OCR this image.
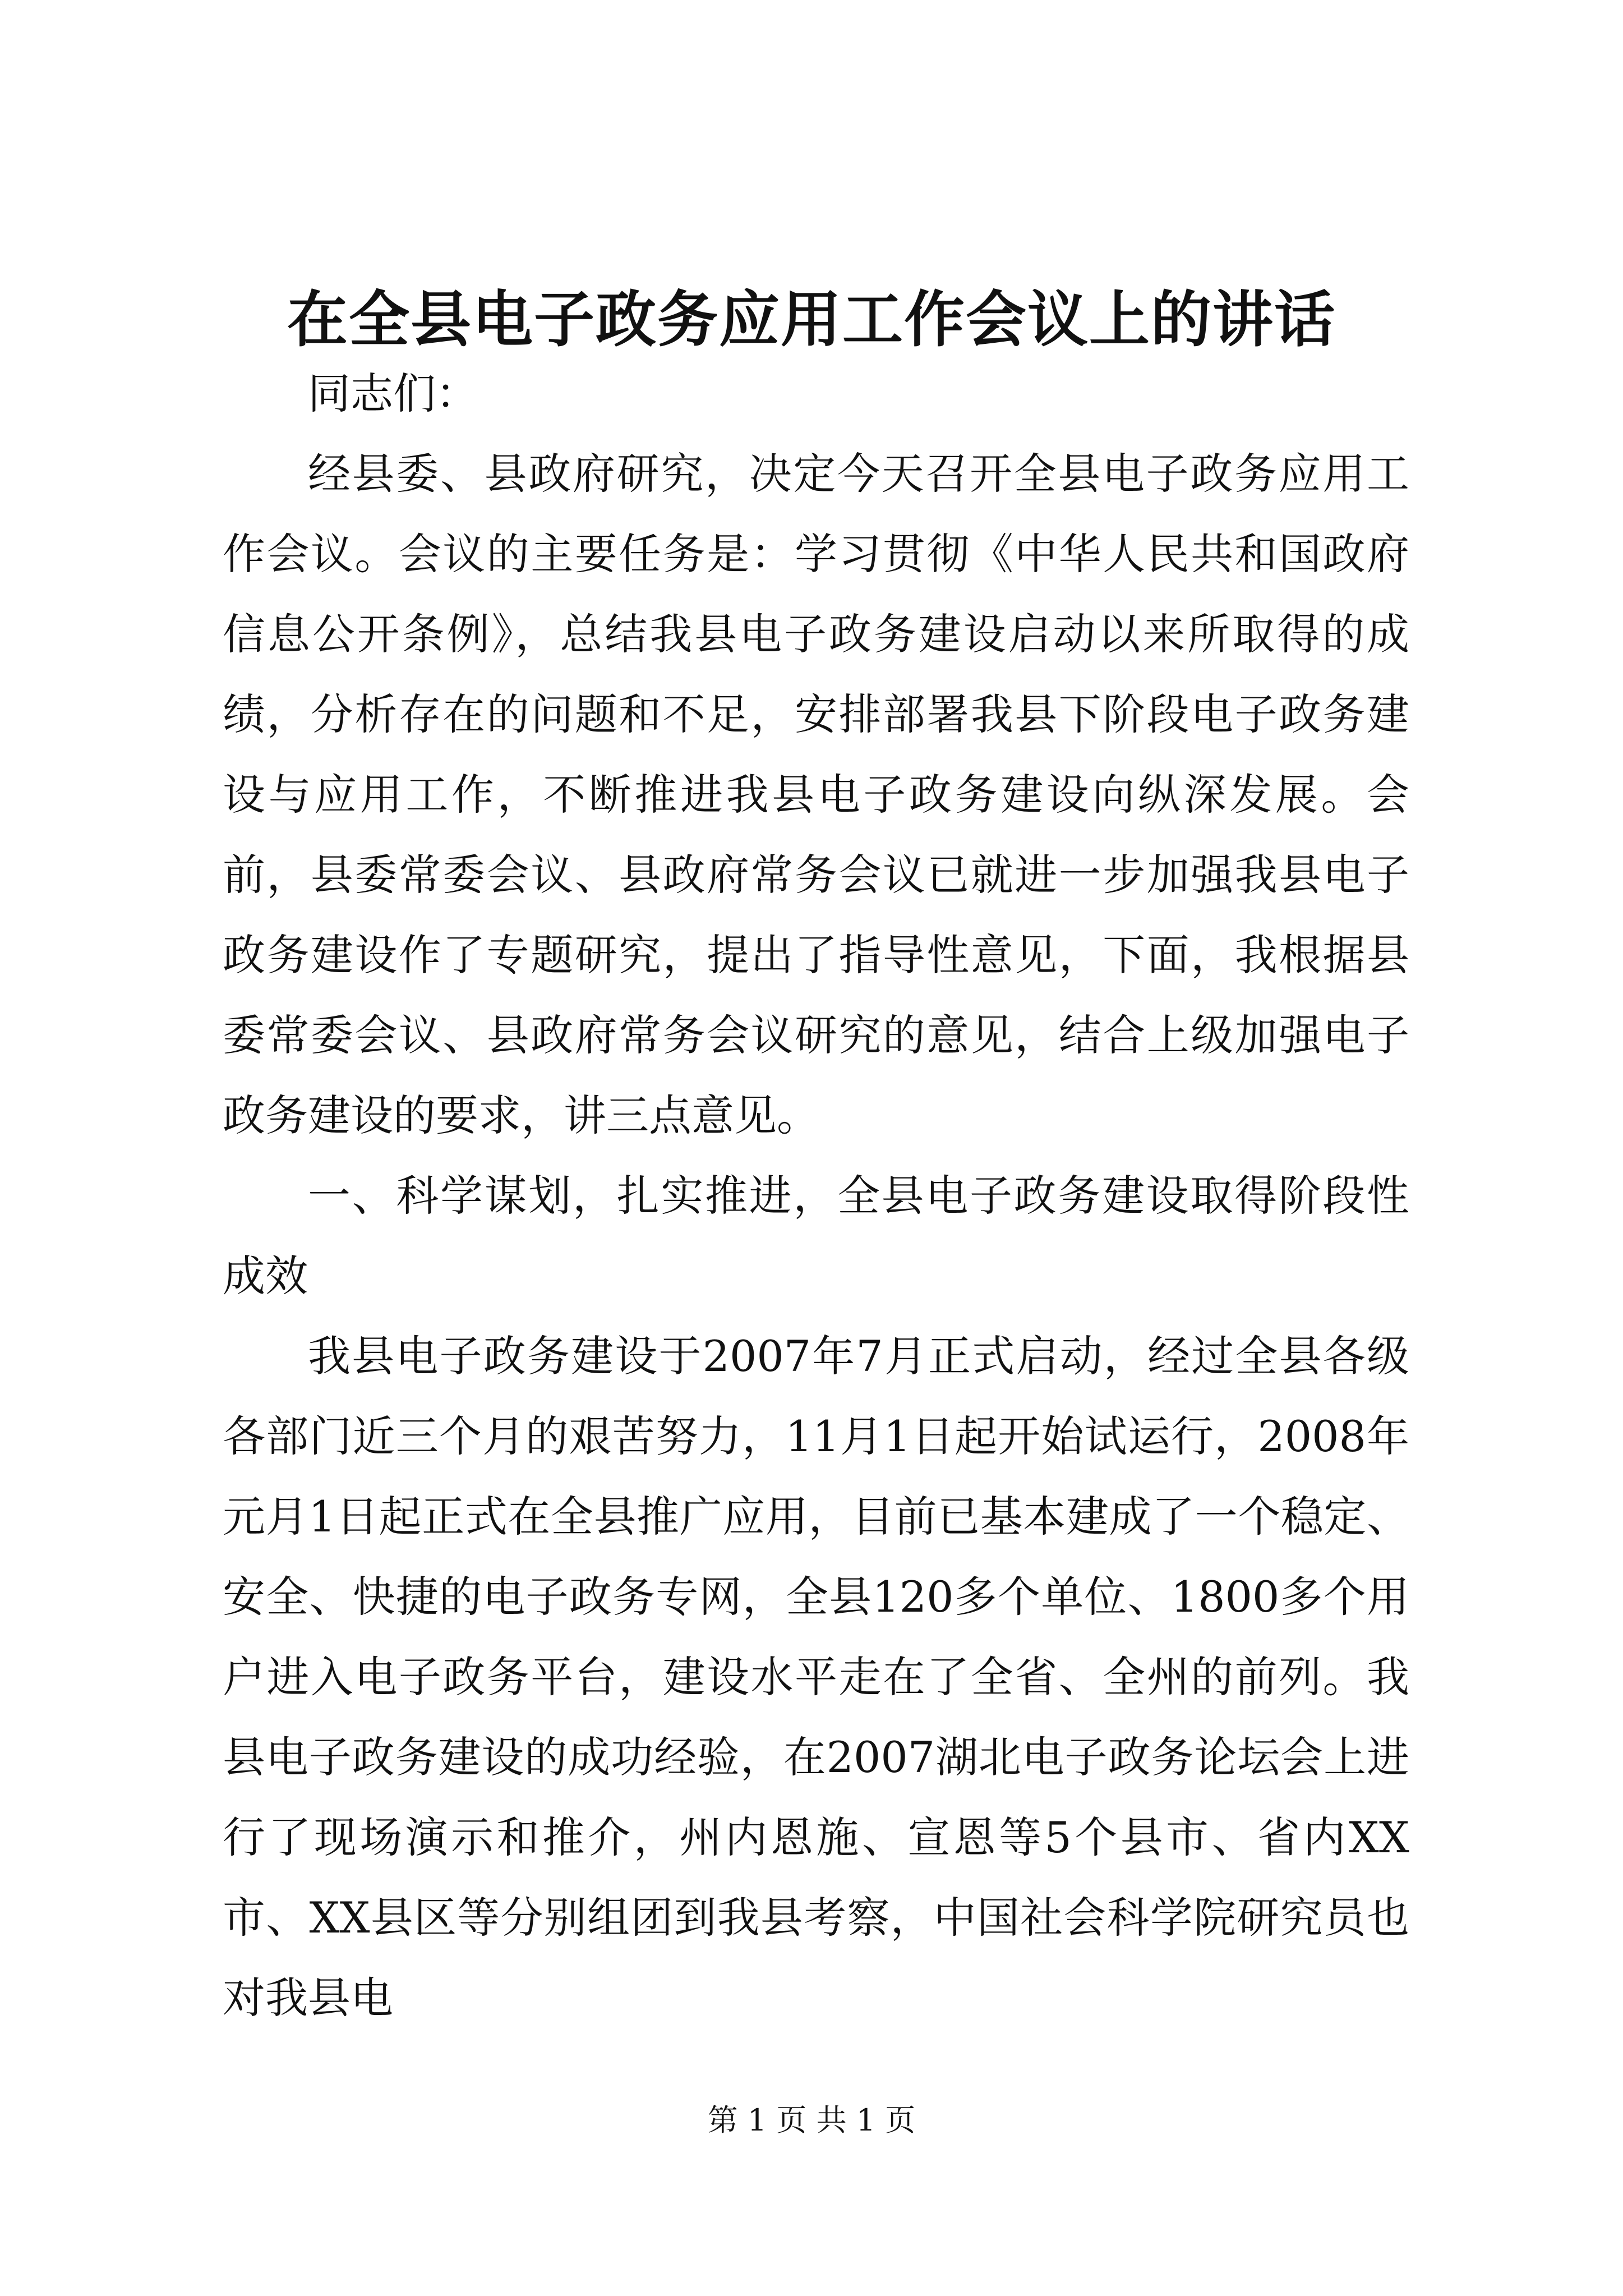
在全县电子政务应用工作会议上的讲话

同志们：

经县委、县政府研究，决定今天召开全县电子政务应用工作会议。会议的主要任务是：学习贯彻《中华人民共和国政府信息公开条例》，总结我县电子政务建设启动以来所取得的成绩，分析存在的问题和不足，安排部署我县下阶段电子政务建设与应用工作，不断推进我县电子政务建设向纵深发展。会前，县委常委会议、县政府常务会议已就进一步加强我县电子政务建设作了专题研究，提出了指导性意见，下面，我根据县委常委会议、县政府常务会议研究的意见，结合上级加强电子政务建设的要求，讲三点意见。

一、科学谋划，扎实推进，全县电子政务建设取得阶段性成效

我县电子政务建设于2007年7月正式启动，经过全县各级各部门近三个月的艰苦努力，11月1日起开始试运行，2008年元月1日起正式在全县推广应用，目前已基本建成了一个稳定、安全、快捷的电子政务专网，全县120多个单位、1800多个用户进入电子政务平台，建设水平走在了全省、全州的前列。我县电子政务建设的成功经验，在2007湖北电子政务论坛会上进行了现场演示和推介，州内恩施、宣恩等5个县市、省内XX市、XX县区等分别组团到我县考察，中国社会科学院研究员也对我县电

第 1 页 共 1 页
